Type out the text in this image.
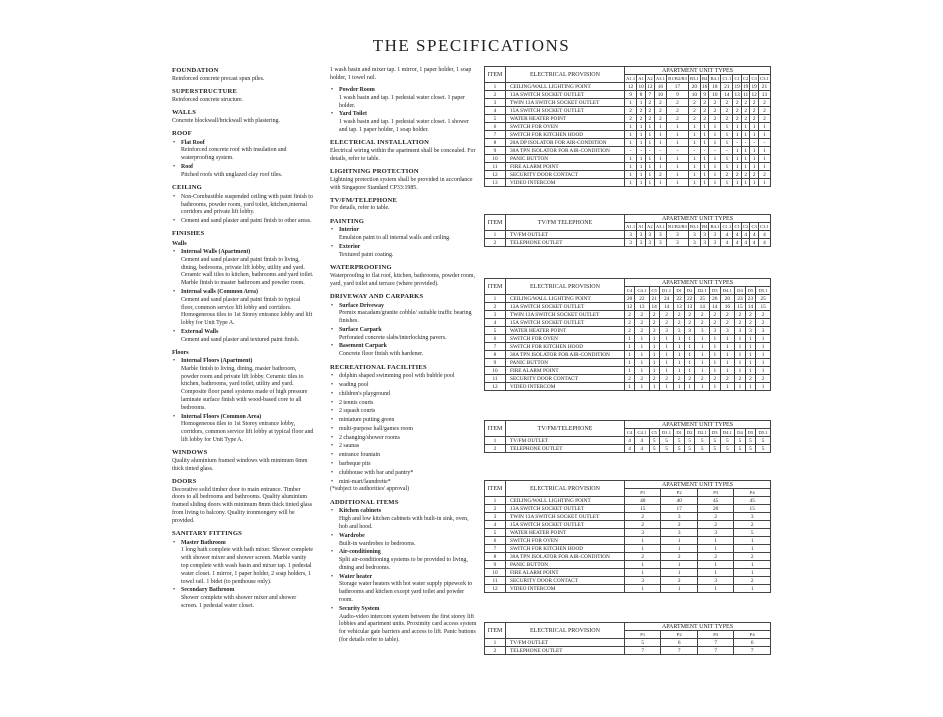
THE SPECIFICATIONS
FOUNDATION
Reinforced concrete precast spun piles.
SUPERSTRUCTURE
Reinforced concrete structure.
WALLS
Concrete blockwall/brickwall with plastering.
ROOF
• Flat Roof
Reinforced concrete roof with insulation and waterproofing system.
• Roof
Pitched roofs with unglazed clay roof tiles.
CEILING
• Non-Combustible suspended ceiling with paint finish to bathrooms, powder room, yard toilet, kitchen,internal corridors and private lift lobby.
• Cement and sand plaster and paint finish to other areas.
FINISHES
Walls
• Internal Walls (Apartment)
Cement and sand plaster and paint finish to living, dining, bedrooms, private lift lobby, utility and yard. Ceramic wall tiles to kitchen, bathrooms and yard toilet. Marble finish to master bathroom and powder room.
• Internal walls (Common Area)
Cement and sand plaster and paint finish to typical floor, common service lift lobby and corridors. Homogeneous tiles to 1st Storey entrance lobby and lift lobby for Unit Type A.
• External Walls
Cement and sand plaster and textured paint finish.
Floors
• Internal Floors (Apartment)
Marble finish to living, dining, master bathroom, powder room and private lift lobby. Ceramic tiles to kitchen, bathrooms, yard toilet, utility and yard. Composite floor panel systems made of high pressure laminate surface finish with wood-based core to all bedrooms.
• Internal Floors (Common Area)
Homogeneous tiles to 1st Storey entrance lobby, corridors, common service lift lobby at typical floor and lift lobby for Unit Type A.
WINDOWS
Quality aluminium framed windows with minimum 6mm thick tinted glass.
DOORS
Decorative solid timber door to main entrance. Timber doors to all bedrooms and bathrooms. Quality aluminium framed sliding doors with minimum 8mm thick tinted glass from living to balcony. Quality ironmongery will be provided.
SANITARY FITTINGS
• Master Bathroom
1 long bath complete with bath mixer. Shower complete with shower mixer and shower screen. Marble vanity top complete with wash basin and mixer tap. 1 pedestal water closet. 1 mirror, 1 paper holder, 2 soap holders, 1 towel rail. 1 bidet (to penthouse only).
• Secondary Bathroom
Shower complete with shower mixer and shower screen. 1 pedestal water closet.
1 wash basin and mixer tap. 1 mirror, 1 paper holder, 1 soap holder, 1 towel rail.
• Powder Room
1 wash basin and tap. 1 pedestal water closet. 1 paper holder.
• Yard Toilet
1 wash basin and tap. 1 pedestal water closet. 1 shower and tap. 1 paper holder, 1 soap holder.
ELECTRICAL INSTALLATION
Electrical wiring within the apartment shall be concealed. For details, refer to table.
LIGHTNING PROTECTION
Lightning protection system shall be provided in accordance with Singapore Standard CP33:1985.
TV/FM/TELEPHONE
For details, refer to table.
PAINTING
• Interior
Emulsion paint to all internal walls and ceiling.
• Exterior
Textured paint coating.
WATERPROOFING
Waterproofing to flat roof, kitchen, bathrooms, powder room, yard, yard toilet and terrace (where provided).
DRIVEWAY AND CARPARKS
• Surface Driveway
Premix macadam/granite cobble/ suitable traffic bearing finishes.
• Surface Carpark
Perforated concrete slabs/interlocking pavers.
• Basement Carpark
Concrete floor finish with hardener.
RECREATIONAL FACILITIES
• dolphin shaped swimming pool with bubble pool
• wading pool
• children's playground
• 2 tennis courts
• 2 squash courts
• miniature putting green
• multi-purpose hall/games room
• 2 changing/shower rooms
• 2 saunas
• entrance fountain
• barbeque pits
• clubhouse with bar and pantry*
• mini-mart/laundrette*
(*subject to authorities' approval)
ADDITIONAL ITEMS
• Kitchen cabinets
High and low kitchen cabinets with built-in sink, oven, hob and hood.
• Wardrobe
Built-in wardrobes to bedrooms.
• Air-conditioning
Split air-conditioning systems to be provided to living, dining and bedrooms.
• Water heater
Storage water heaters with hot water supply pipework to bathrooms and kitchen except yard toilet and powder room.
• Security System
Audio-video intercom system between the first storey lift lobbies and apartment units. Proximity card access system for vehicular gate barriers and access to lift. Panic buttons (for details refer to table).
ITEM	ELECTRICAL PROVISION	APARTMENT UNIT TYPES												
		A1.1	A1	A2	A3.1	B1/B2/B3	B3.1	B4	B4.1	C1.1	C1	C2	C3	C3.1
1	CEILING/WALL LIGHTING POINT	12	10	12	16	17	20	16	18	21	19	19	19	21
2	13A SWITCH SOCKET OUTLET	9	8	7	10	9	10	9	10	14	13	11	12	13
3	TWIN 13A SWITCH SOCKET OUTLET	1	1	2	2	2	2	2	2	2	2	2	2	2
4	15A SWITCH SOCKET OUTLET	2	2	2	2	2	2	2	2	2	2	2	2	2
5	WATER HEATER POINT	2	2	2	2	2	2	2	2	2	2	2	2	2
6	SWITCH FOR OVEN	1	1	1	1	1	1	1	1	1	1	1	1	1
7	SWITCH FOR KITCHEN HOOD	1	1	1	1	1	1	1	1	1	1	1	1	1
8	20A DP ISOLATOR FOR AIR-CONDITION	1	1	1	1	1	1	1	1	1	-	-	-	-
9	30A TPN ISOLATOR FOR AIR-CONDITION	-	-	-	-	-	-	-	-	-	1	1	1	1
10	PANIC BUTTON	1	1	1	1	1	1	1	1	1	1	1	1	1
11	FIRE ALARM POINT	1	1	1	1	1	1	1	1	1	1	1	1	1
12	SECURITY DOOR CONTACT	1	1	1	2	1	1	1	1	2	2	2	2	2
13	VIDEO INTERCOM	1	1	1	1	1	1	1	1	1	1	1	1	1
ITEM	TV/FM TELEPHONE	APARTMENT UNIT TYPES												
		A1.1	A1	A2	A3.1	B1/B2/B3	B3.1	B4	B4.1	C1.1	C1	C2	C3	C3.1
1	TV/FM OUTLET	3	3	3	3	3	3	3	3	4	4	4	4	4
2	TELEPHONE OUTLET	3	3	3	3	3	3	3	3	4	4	4	4	4
ITEM	ELECTRICAL PROVISION	APARTMENT UNIT TYPES											
		C4	C4.1	C5	D1.1	D1	D2	D2.1	D3	D4.1	D4	D5	D5.1
1	CEILING/WALL LIGHTING POINT	20	22	21	24	22	22	25	26	20	23	23	25
2	13A SWITCH SOCKET OUTLET	12	13	14	14	13	13	14	14	16	15	14	15
3	TWIN 13A SWITCH SOCKET OUTLET	2	2	2	2	2	2	2	2	2	2	2	2
4	15A SWITCH SOCKET OUTLET	2	2	2	2	2	2	2	2	2	2	2	2
5	WATER HEATER POINT	2	2	3	3	3	3	3	3	3	3	3	3
6	SWITCH FOR OVEN	1	1	1	1	1	1	1	1	1	1	1	1
7	SWITCH FOR KITCHEN HOOD	1	1	1	1	1	1	1	1	1	1	1	1
8	30A TPN ISOLATOR FOR AIR-CONDITION	1	1	1	1	1	1	1	1	1	1	1	1
9	PANIC BUTTON	1	1	1	1	1	1	1	1	1	1	1	1
10	FIRE ALARM POINT	1	1	1	1	1	1	1	1	1	1	1	1
11	SECURITY DOOR CONTACT	2	2	2	2	2	2	2	2	2	2	2	2
12	VIDEO INTERCOM	1	1	1	1	1	1	1	1	1	1	1	1
ITEM	TV/FM/TELEPHONE	APARTMENT UNIT TYPES											
		C4	C4.1	C5	D1.1	D1	D2	D2.1	D3	D4.1	D4	D5	D5.1
1	TV/FM OUTLET	4	4	5	5	5	5	5	5	5	5	5	5
2	TELEPHONE OUTLET	4	4	5	5	5	5	5	5	5	5	5	5
ITEM	ELECTRICAL PROVISION	APARTMENT UNIT TYPES			
		P1	P2	P3	P4
1	CEILING/WALL LIGHTING POINT	40	40	45	45
2	13A SWITCH SOCKET OUTLET	15	17	20	15
3	TWIN 13A SWITCH SOCKET OUTLET	2	3	2	3
4	15A SWITCH SOCKET OUTLET	2	2	2	2
5	WATER HEATER POINT	3	3	3	5
6	SWITCH FOR OVEN	1	1	1	1
7	SWITCH FOR KITCHEN HOOD	1	1	1	1
8	30A TPN ISOLATOR FOR AIR-CONDITION	2	2	2	2
9	PANIC BUTTON	1	1	1	1
10	FIRE ALARM POINT	1	1	1	1
11	SECURITY DOOR CONTACT	3	2	3	2
12	VIDEO INTERCOM	1	1	1	1
ITEM	ELECTRICAL PROVISION	APARTMENT UNIT TYPES			
		P1	P2	P3	P4
1	TV/FM OUTLET	5	6	7	6
2	TELEPHONE OUTLET	7	7	7	7
